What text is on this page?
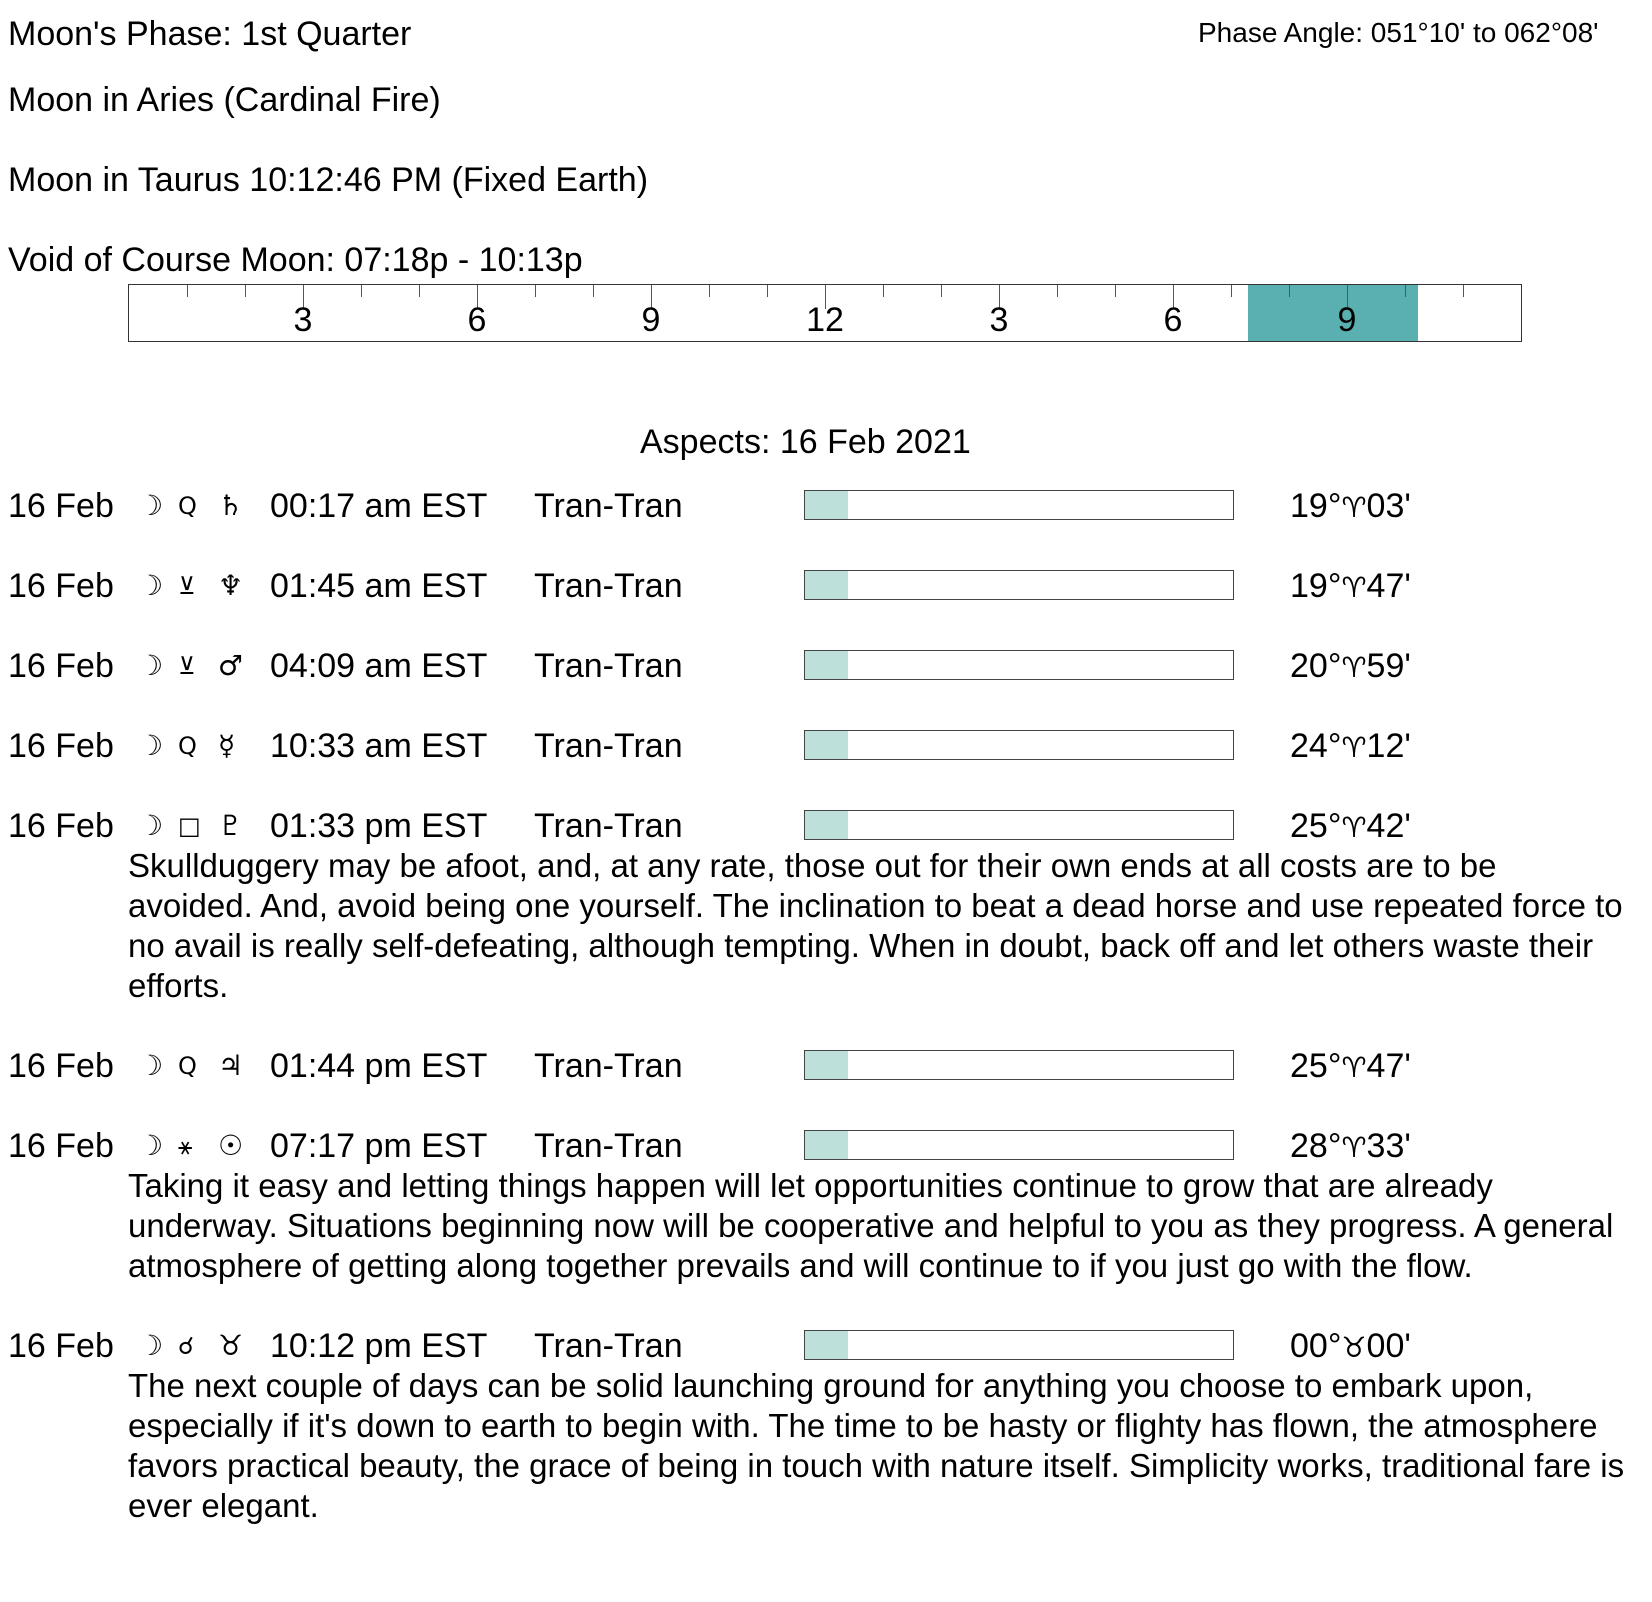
Moon's Phase: 1st Quarter	Phase Angle: 051°10' to 062°08'
Moon in Aries (Cardinal Fire)
Moon in Taurus 10:12:46 PM (Fixed Earth)
Void of Course Moon: 07:18p - 10:13p
3	6	9	12	3	6	9
Aspects: 16 Feb 2021
16 Feb ☽ Q ♄ 00:17 am EST Tran-Tran	19°♈03'
16 Feb ☽ ⊻ ♆ 01:45 am EST Tran-Tran	19°♈47'
16 Feb ☽ ⊻ ♂ 04:09 am EST Tran-Tran	20°♈59'
16 Feb ☽ Q ☿ 10:33 am EST Tran-Tran	24°♈12'
16 Feb ☽ □ ♇ 01:33 pm EST Tran-Tran	25°♈42'
Skullduggery may be afoot, and, at any rate, those out for their own ends at all costs are to be avoided. And, avoid being one yourself. The inclination to beat a dead horse and use repeated force to no avail is really self-defeating, although tempting. When in doubt, back off and let others waste their efforts.
16 Feb ☽ Q ♃ 01:44 pm EST Tran-Tran	25°♈47'
16 Feb ☽ ⚹ ☉ 07:17 pm EST Tran-Tran	28°♈33'
Taking it easy and letting things happen will let opportunities continue to grow that are already underway. Situations beginning now will be cooperative and helpful to you as they progress. A general atmosphere of getting along together prevails and will continue to if you just go with the flow.
16 Feb ☽ ☌ ♉ 10:12 pm EST Tran-Tran	00°♉00'
The next couple of days can be solid launching ground for anything you choose to embark upon, especially if it's down to earth to begin with. The time to be hasty or flighty has flown, the atmosphere favors practical beauty, the grace of being in touch with nature itself. Simplicity works, traditional fare is ever elegant.
